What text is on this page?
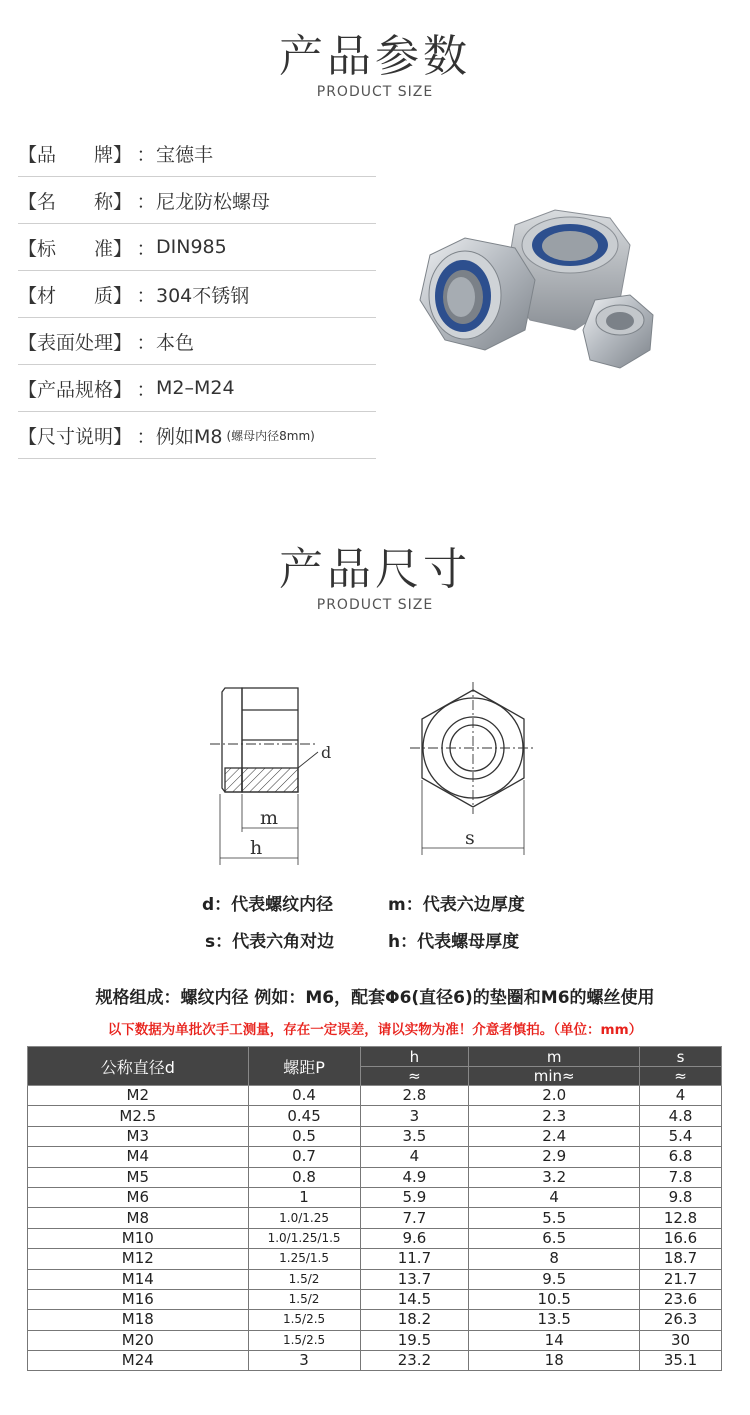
产品参数
PRODUCT SIZE
【品　　牌】 ： 宝德丰
【名　　称】 ： 尼龙防松螺母
【标　　准】 ： DIN985
【材　　质】 ： 304不锈钢
【表面处理】 ： 本色
【产品规格】 ： M2–M24
【尺寸说明】 ： 例如M8 (螺母内径8mm)
产品尺寸
PRODUCT SIZE
d
m
h	s
d：代表螺纹内径	m：代表六边厚度
s：代表六角对边	h：代表螺母厚度
规格组成：螺纹内径 例如：M6，配套Φ6(直径6)的垫圈和M6的螺丝使用
以下数据为单批次手工测量，存在一定误差，请以实物为准！介意者慎拍。（单位：mm）
公称直径d	螺距P	h	m	s
		≈	min≈	≈
M2	0.4	2.8	2.0	4
M2.5	0.45	3	2.3	4.8
M3	0.5	3.5	2.4	5.4
M4	0.7	4	2.9	6.8
M5	0.8	4.9	3.2	7.8
M6	1	5.9	4	9.8
M8	1.0/1.25	7.7	5.5	12.8
M10	1.0/1.25/1.5	9.6	6.5	16.6
M12	1.25/1.5	11.7	8	18.7
M14	1.5/2	13.7	9.5	21.7
M16	1.5/2	14.5	10.5	23.6
M18	1.5/2.5	18.2	13.5	26.3
M20	1.5/2.5	19.5	14	30
M24	3	23.2	18	35.1
